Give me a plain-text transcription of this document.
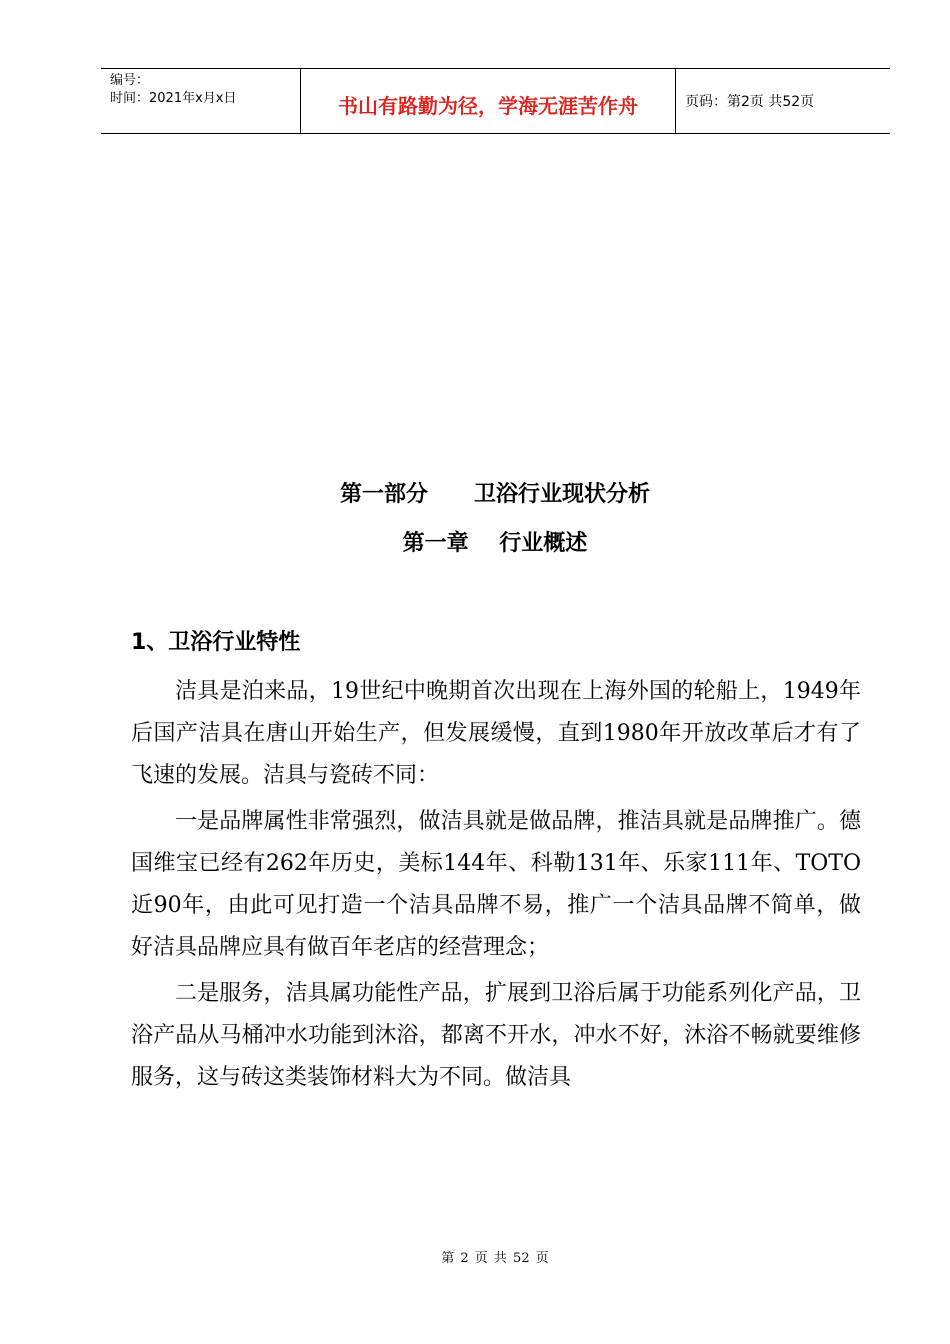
编号：
时间：2021年x月x日	书山有路勤为径，学海无涯苦作舟	页码：第2页 共52页
第一部分      卫浴行业现状分析
第一章    行业概述
1、卫浴行业特性

洁具是泊来品，19世纪中晚期首次出现在上海外国的轮船上，1949年后国产洁具在唐山开始生产，但发展缓慢，直到1980年开放改革后才有了飞速的发展。洁具与瓷砖不同：

一是品牌属性非常强烈，做洁具就是做品牌，推洁具就是品牌推广。德国维宝已经有262年历史，美标144年、科勒131年、乐家111年、TOTO近90年，由此可见打造一个洁具品牌不易，推广一个洁具品牌不简单，做好洁具品牌应具有做百年老店的经营理念；

二是服务，洁具属功能性产品，扩展到卫浴后属于功能系列化产品，卫浴产品从马桶冲水功能到沐浴，都离不开水，冲水不好，沐浴不畅就要维修服务，这与砖这类装饰材料大为不同。做洁具

第 2 页 共 52 页
